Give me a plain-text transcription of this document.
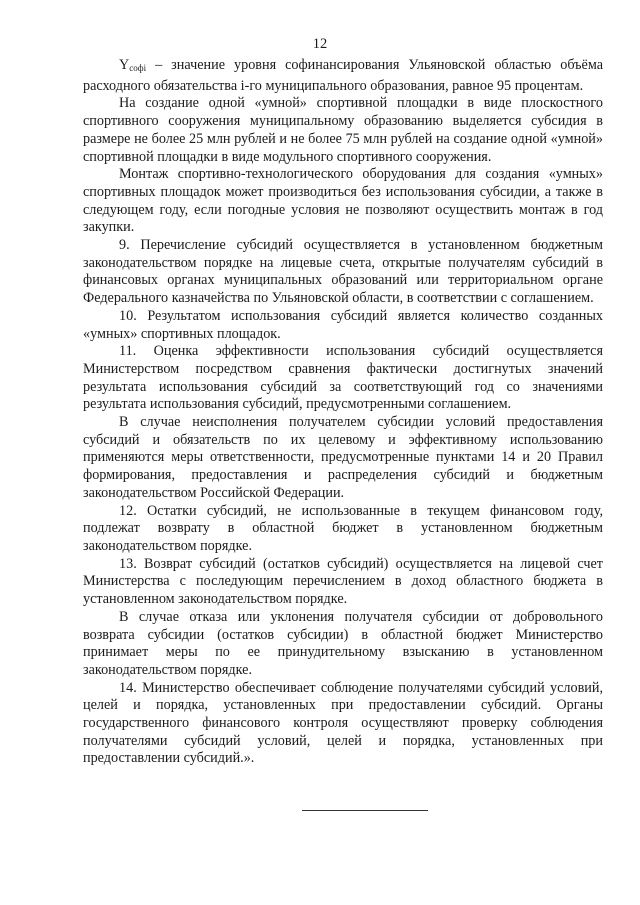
12

$Y_{софі}$ – значение уровня софинансирования Ульяновской областью объёма расходного обязательства і-го муниципального образования, равное 95 процентам.

На создание одной «умной» спортивной площадки в виде плоскостного спортивного сооружения муниципальному образованию выделяется субсидия в размере не более 25 млн рублей и не более 75 млн рублей на создание одной «умной» спортивной площадки в виде модульного спортивного сооружения.

Монтаж спортивно-технологического оборудования для создания «умных» спортивных площадок может производиться без использования субсидии, а также в следующем году, если погодные условия не позволяют осуществить монтаж в год закупки.

9. Перечисление субсидий осуществляется в установленном бюджетным законодательством порядке на лицевые счета, открытые получателям субсидий в финансовых органах муниципальных образований или территориальном органе Федерального казначейства по Ульяновской области, в соответствии с соглашением.

10. Результатом использования субсидий является количество созданных «умных» спортивных площадок.

11. Оценка эффективности использования субсидий осуществляется Министерством посредством сравнения фактически достигнутых значений результата использования субсидий за соответствующий год со значениями результата использования субсидий, предусмотренными соглашением.

В случае неисполнения получателем субсидии условий предоставления субсидий и обязательств по их целевому и эффективному использованию применяются меры ответственности, предусмотренные пунктами 14 и 20 Правил формирования, предоставления и распределения субсидий и бюджетным законодательством Российской Федерации.

12. Остатки субсидий, не использованные в текущем финансовом году, подлежат возврату в областной бюджет в установленном бюджетным законодательством порядке.

13. Возврат субсидий (остатков субсидий) осуществляется на лицевой счет Министерства с последующим перечислением в доход областного бюджета в установленном законодательством порядке.

В случае отказа или уклонения получателя субсидии от добровольного возврата субсидии (остатков субсидии) в областной бюджет Министерство принимает меры по ее принудительному взысканию в установленном законодательством порядке.

14. Министерство обеспечивает соблюдение получателями субсидий условий, целей и порядка, установленных при предоставлении субсидий. Органы государственного финансового контроля осуществляют проверку соблюдения получателями субсидий условий, целей и порядка, установленных при предоставлении субсидий.».
